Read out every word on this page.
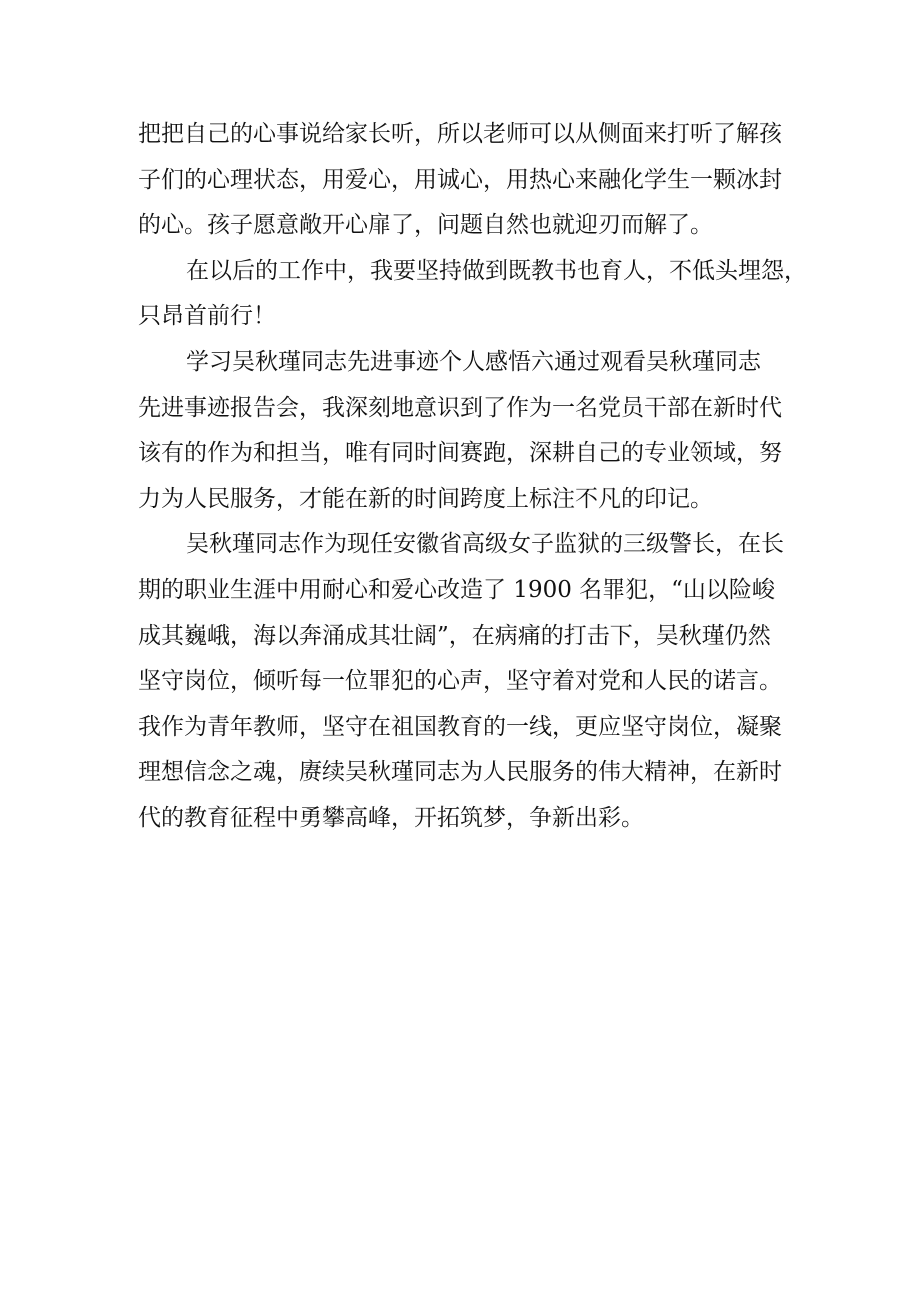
把把自己的心事说给家长听，所以老师可以从侧面来打听了解孩
子们的心理状态，用爱心，用诚心，用热心来融化学生一颗冰封
的心。孩子愿意敞开心扉了，问题自然也就迎刃而解了。
在以后的工作中，我要坚持做到既教书也育人，不低头埋怨，
只昂首前行！
学习吴秋瑾同志先进事迹个人感悟六通过观看吴秋瑾同志
先进事迹报告会，我深刻地意识到了作为一名党员干部在新时代
该有的作为和担当，唯有同时间赛跑，深耕自己的专业领域，努
力为人民服务，才能在新的时间跨度上标注不凡的印记。
吴秋瑾同志作为现任安徽省高级女子监狱的三级警长，在长
期的职业生涯中用耐心和爱心改造了 1900 名罪犯，“山以险峻
成其巍峨，海以奔涌成其壮阔”，在病痛的打击下，吴秋瑾仍然
坚守岗位，倾听每一位罪犯的心声，坚守着对党和人民的诺言。
我作为青年教师，坚守在祖国教育的一线，更应坚守岗位，凝聚
理想信念之魂，赓续吴秋瑾同志为人民服务的伟大精神，在新时
代的教育征程中勇攀高峰，开拓筑梦，争新出彩。
